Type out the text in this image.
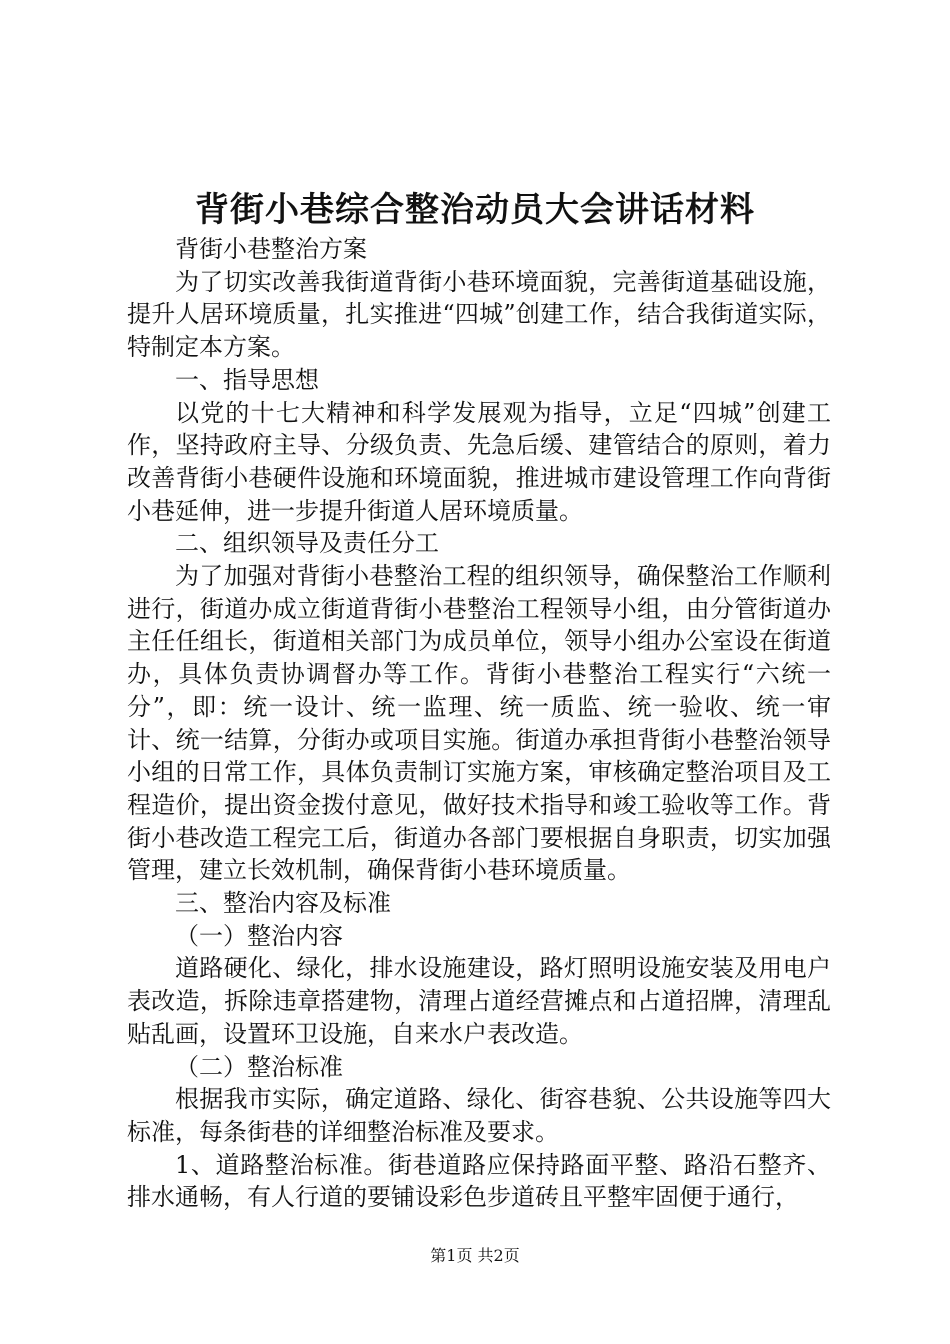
背街小巷综合整治动员大会讲话材料

背街小巷整治方案

为了切实改善我街道背街小巷环境面貌，完善街道基础设施，提升人居环境质量，扎实推进“四城”创建工作，结合我街道实际，特制定本方案。

一、指导思想

以党的十七大精神和科学发展观为指导，立足“四城”创建工作，坚持政府主导、分级负责、先急后缓、建管结合的原则，着力改善背街小巷硬件设施和环境面貌，推进城市建设管理工作向背街小巷延伸，进一步提升街道人居环境质量。

二、组织领导及责任分工

为了加强对背街小巷整治工程的组织领导，确保整治工作顺利进行，街道办成立街道背街小巷整治工程领导小组，由分管街道办主任任组长，街道相关部门为成员单位，领导小组办公室设在街道办，具体负责协调督办等工作。背街小巷整治工程实行“六统一分”，即：统一设计、统一监理、统一质监、统一验收、统一审计、统一结算，分街办或项目实施。街道办承担背街小巷整治领导小组的日常工作，具体负责制订实施方案，审核确定整治项目及工程造价，提出资金拨付意见，做好技术指导和竣工验收等工作。背街小巷改造工程完工后，街道办各部门要根据自身职责，切实加强管理，建立长效机制，确保背街小巷环境质量。

三、整治内容及标准

（一）整治内容

道路硬化、绿化，排水设施建设，路灯照明设施安装及用电户表改造，拆除违章搭建物，清理占道经营摊点和占道招牌，清理乱贴乱画，设置环卫设施，自来水户表改造。

（二）整治标准

根据我市实际，确定道路、绿化、街容巷貌、公共设施等四大标准，每条街巷的详细整治标准及要求。

1、道路整治标准。街巷道路应保持路面平整、路沿石整齐、排水通畅，有人行道的要铺设彩色步道砖且平整牢固便于通行，

第1页 共2页
